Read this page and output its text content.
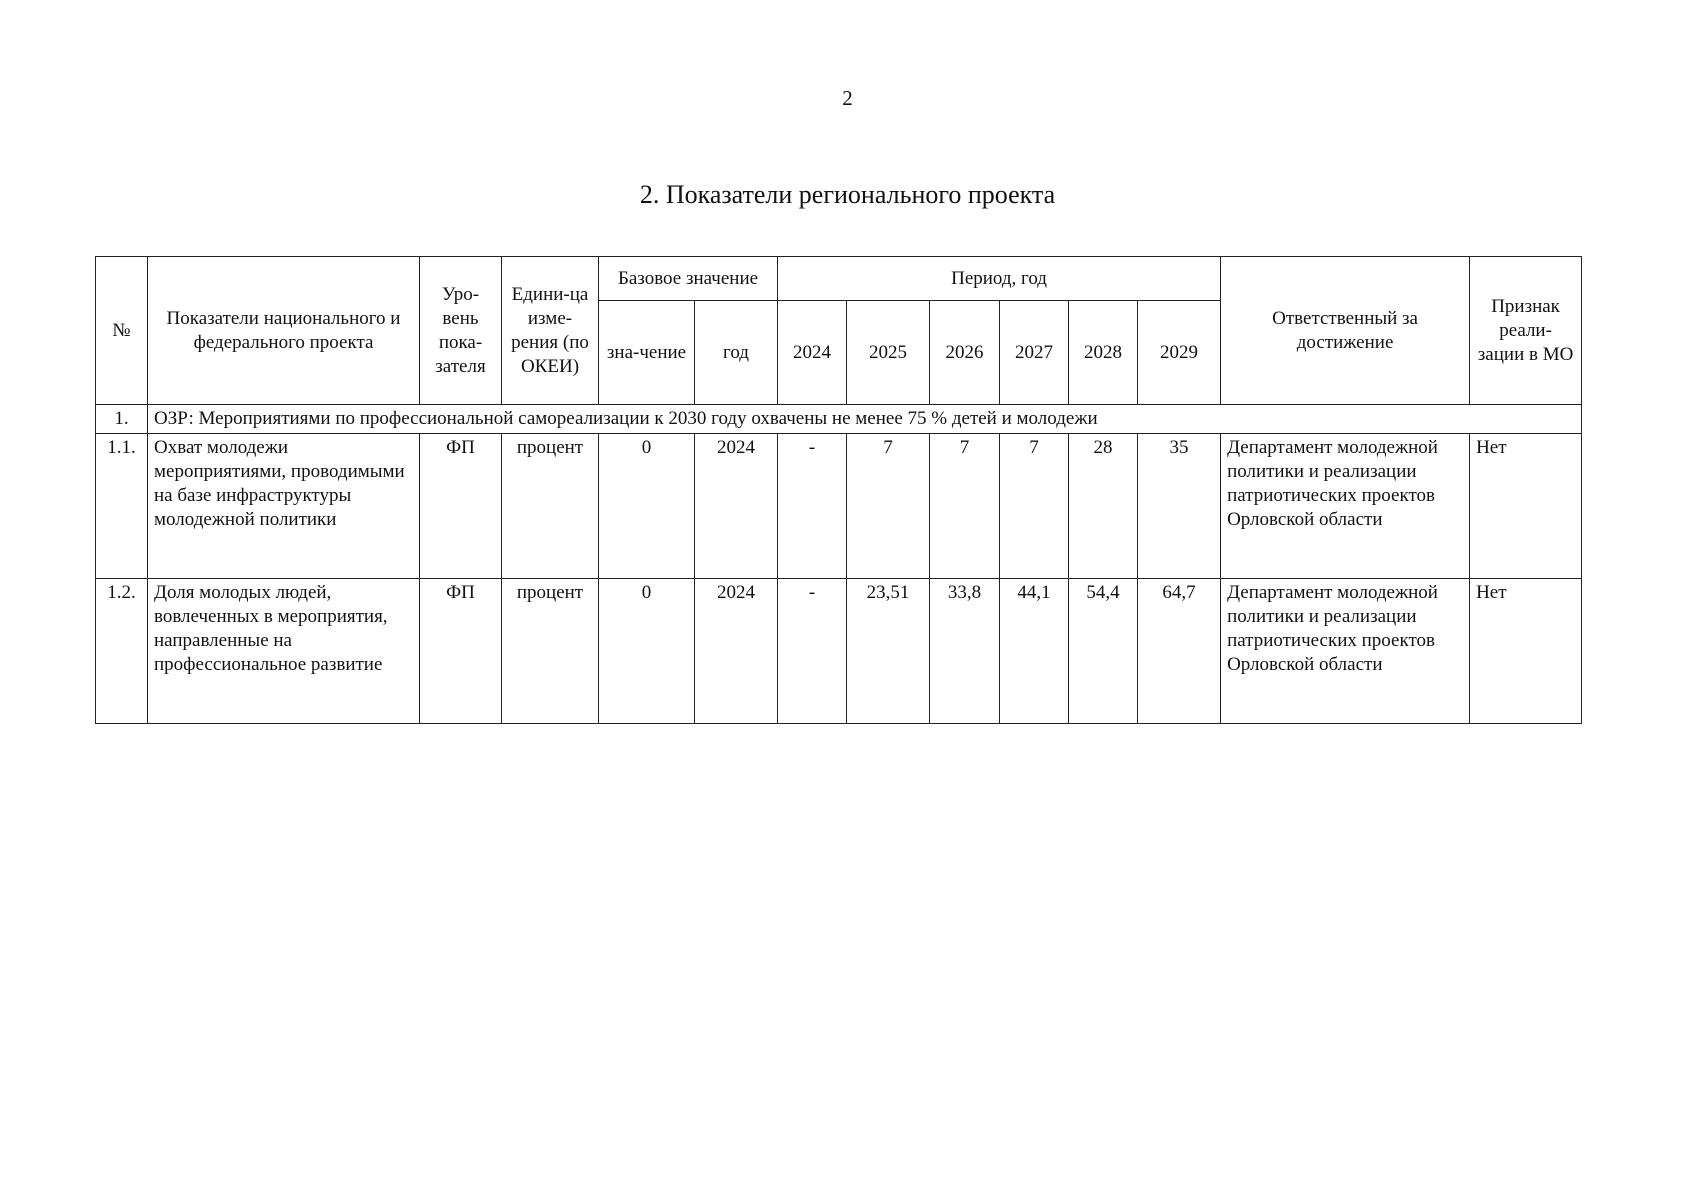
2
2. Показатели регионального проекта
№	Показатели национального и федерального проекта	Уро-вень пока-зателя	Едини-ца изме-рения (по ОКЕИ)	Базовое значение		Период, год						Ответственный за достижение	Признак реали-зации в МО
				зна-чение	год	2024	2025	2026	2027	2028	2029		
1.	ОЗР: Мероприятиями по профессиональной самореализации к 2030 году охвачены не менее 75 % детей и молодежи												
1.1.	Охват молодежи мероприятиями, проводимыми на базе инфраструктуры молодежной политики	ФП	процент	0	2024	-	7	7	7	28	35	Департамент молодежной политики и реализации патриотических проектов Орловской области	Нет
1.2.	Доля молодых людей, вовлеченных в мероприятия, направленные на профессиональное развитие	ФП	процент	0	2024	-	23,51	33,8	44,1	54,4	64,7	Департамент молодежной политики и реализации патриотических проектов Орловской области	Нет
